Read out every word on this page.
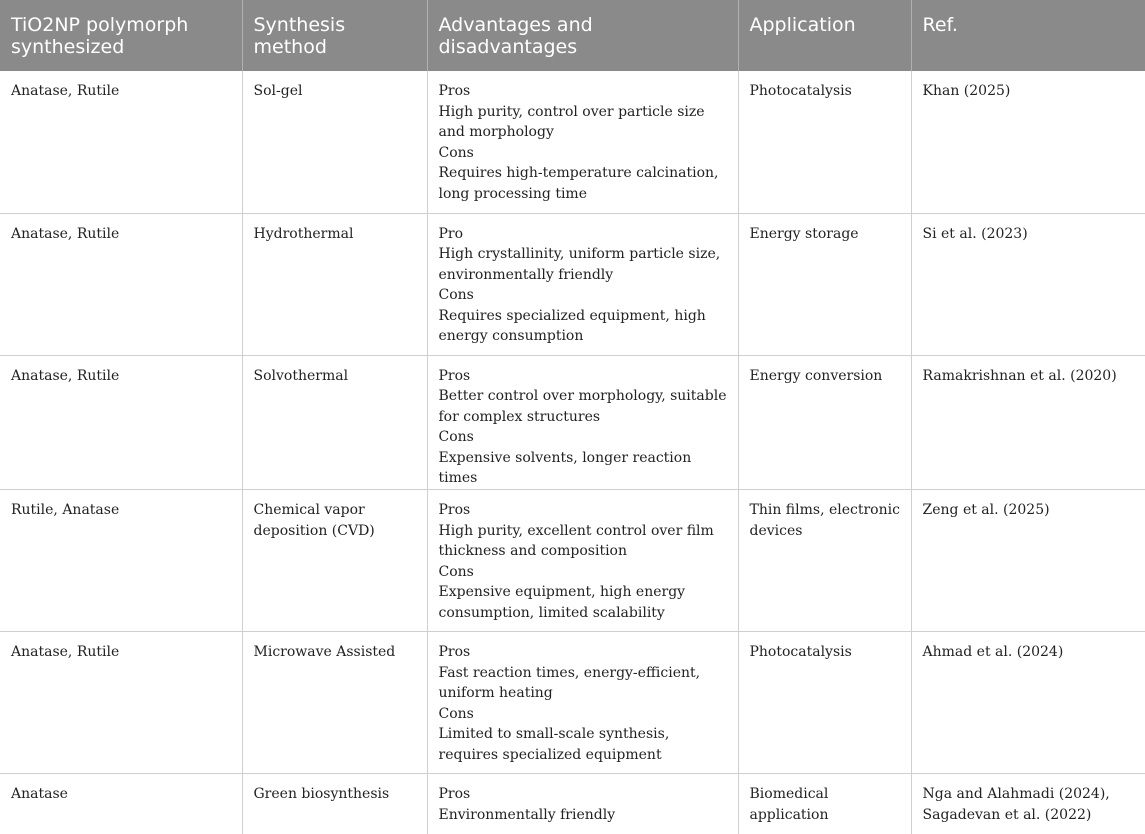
TiO2NP polymorph synthesized	Synthesis method	Advantages and disadvantages	Application	Ref.
Anatase, Rutile	Sol-gel	Pros
High purity, control over particle size and morphology
Cons
Requires high-temperature calcination, long processing time	Photocatalysis	Khan (2025)
Anatase, Rutile	Hydrothermal	Pro
High crystallinity, uniform particle size, environmentally friendly
Cons
Requires specialized equipment, high energy consumption	Energy storage	Si et al. (2023)
Anatase, Rutile	Solvothermal	Pros
Better control over morphology, suitable for complex structures
Cons
Expensive solvents, longer reaction times	Energy conversion	Ramakrishnan et al. (2020)
Rutile, Anatase	Chemical vapor deposition (CVD)	Pros
High purity, excellent control over film thickness and composition
Cons
Expensive equipment, high energy consumption, limited scalability	Thin films, electronic devices	Zeng et al. (2025)
Anatase, Rutile	Microwave Assisted	Pros
Fast reaction times, energy-efficient, uniform heating
Cons
Limited to small-scale synthesis, requires specialized equipment	Photocatalysis	Ahmad et al. (2024)
Anatase	Green biosynthesis	Pros
Environmentally friendly	Biomedical application	Nga and Alahmadi (2024), Sagadevan et al. (2022)
